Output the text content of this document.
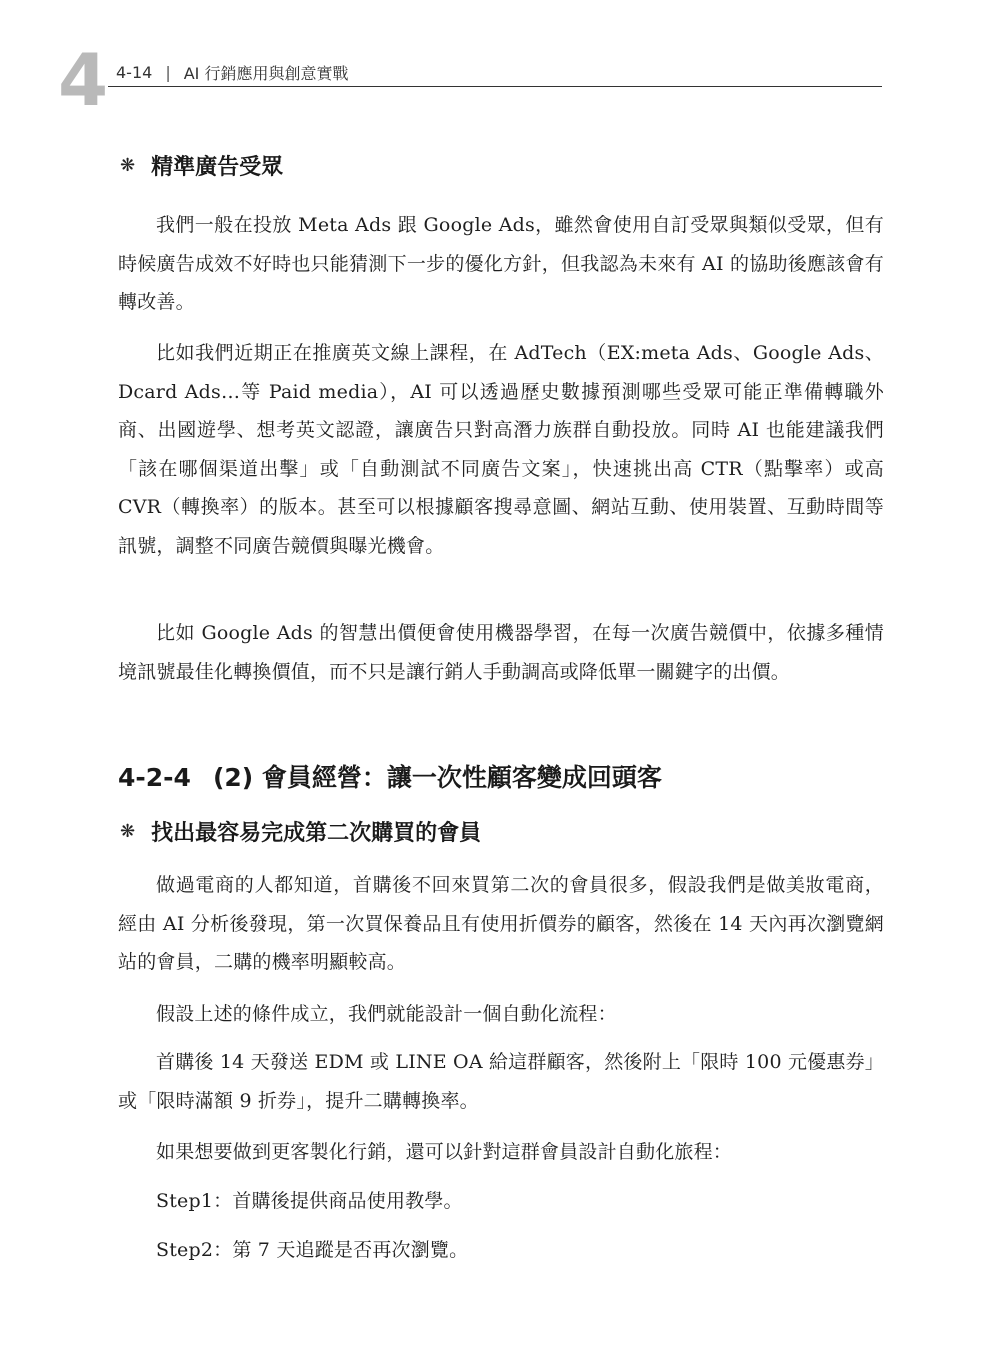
4 4-14 | AI 行銷應用與創意實戰
❋ 精準廣告受眾
我們一般在投放 Meta Ads 跟 Google Ads，雖然會使用自訂受眾與類似受眾，但有時候廣告成效不好時也只能猜測下一步的優化方針，但我認為未來有 AI 的協助後應該會有轉改善。
比如我們近期正在推廣英文線上課程，在 AdTech（EX:meta Ads、Google Ads、Dcard Ads…等 Paid media），AI 可以透過歷史數據預測哪些受眾可能正準備轉職外商、出國遊學、想考英文認證，讓廣告只對高潛力族群自動投放。同時 AI 也能建議我們「該在哪個渠道出擊」或「自動測試不同廣告文案」，快速挑出高 CTR（點擊率）或高 CVR（轉換率）的版本。甚至可以根據顧客搜尋意圖、網站互動、使用裝置、互動時間等訊號，調整不同廣告競價與曝光機會。
比如 Google Ads 的智慧出價便會使用機器學習，在每一次廣告競價中，依據多種情境訊號最佳化轉換價值，而不只是讓行銷人手動調高或降低單一關鍵字的出價。
4-2-4 (2) 會員經營：讓一次性顧客變成回頭客
❋ 找出最容易完成第二次購買的會員
做過電商的人都知道，首購後不回來買第二次的會員很多，假設我們是做美妝電商，經由 AI 分析後發現，第一次買保養品且有使用折價券的顧客，然後在 14 天內再次瀏覽網站的會員，二購的機率明顯較高。
假設上述的條件成立，我們就能設計一個自動化流程：
首購後 14 天發送 EDM 或 LINE OA 給這群顧客，然後附上「限時 100 元優惠券」或「限時滿額 9 折券」，提升二購轉換率。
如果想要做到更客製化行銷，還可以針對這群會員設計自動化旅程：
Step1：首購後提供商品使用教學。
Step2：第 7 天追蹤是否再次瀏覽。
